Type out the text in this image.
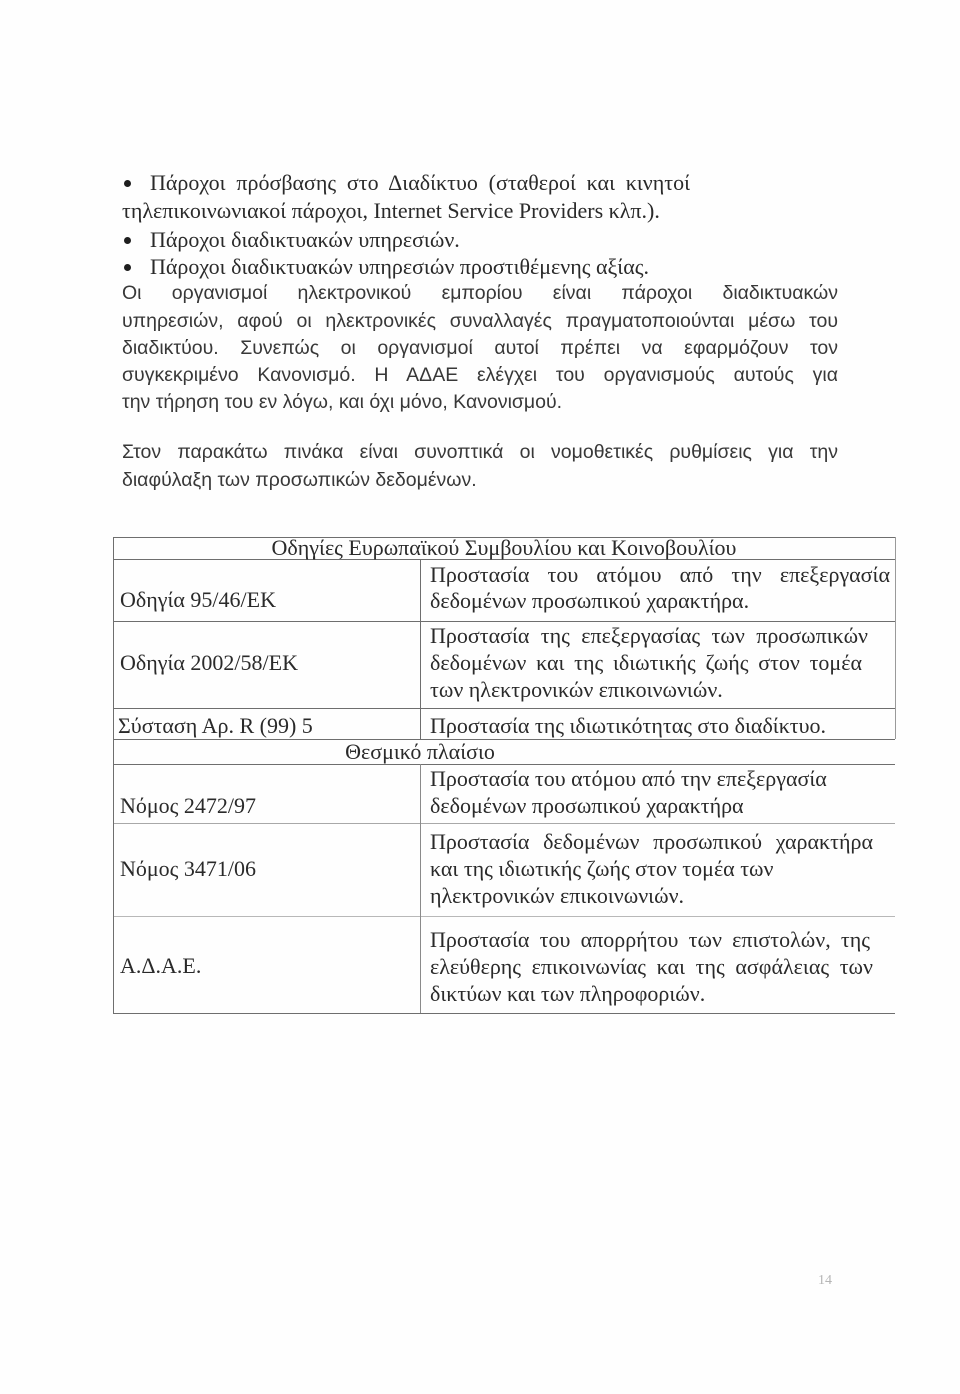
Πάροχοι πρόσβασης στο Διαδίκτυο (σταθεροί και κινητοί
τηλεπικοινωνιακοί πάροχοι, Internet Service Providers κλπ.).
Πάροχοι διαδικτυακών υπηρεσιών.
Πάροχοι διαδικτυακών υπηρεσιών προστιθέμενης αξίας.
Οι οργανισμοί ηλεκτρονικού εμπορίου είναι πάροχοι διαδικτυακών
υπηρεσιών, αφού οι ηλεκτρονικές συναλλαγές πραγματοποιούνται μέσω του
διαδικτύου. Συνεπώς οι οργανισμοί αυτοί πρέπει να εφαρμόζουν τον
συγκεκριμένο Κανονισμό. Η ΑΔΑΕ ελέγχει του οργανισμούς αυτούς για
την τήρηση του εν λόγω, και όχι μόνο, Κανονισμού.
Στον παρακάτω πινάκα είναι συνοπτικά οι νομοθετικές ρυθμίσεις για την
διαφύλαξη των προσωπικών δεδομένων.
Οδηγίες Ευρωπαϊκού Συμβουλίου και Κοινοβουλίου
Οδηγία 95/46/ΕΚ
Προστασία του ατόμου από την επεξεργασία
δεδομένων προσωπικού χαρακτήρα.
Οδηγία 2002/58/ΕΚ
Προστασία της επεξεργασίας των προσωπικών
δεδομένων και της ιδιωτικής ζωής στον τομέα
των ηλεκτρονικών επικοινωνιών.
Σύσταση Αρ. R (99) 5	Προστασία της ιδιωτικότητας στο διαδίκτυο.
Θεσμικό πλαίσιο
Νόμος 2472/97
Προστασία του ατόμου από την επεξεργασία
δεδομένων προσωπικού χαρακτήρα
Νόμος 3471/06
Προστασία δεδομένων προσωπικού χαρακτήρα
και της ιδιωτικής ζωής στον τομέα των
ηλεκτρονικών επικοινωνιών.
Α.Δ.Α.Ε.
Προστασία του απορρήτου των επιστολών, της
ελεύθερης επικοινωνίας και της ασφάλειας των
δικτύων και των πληροφοριών.
14
